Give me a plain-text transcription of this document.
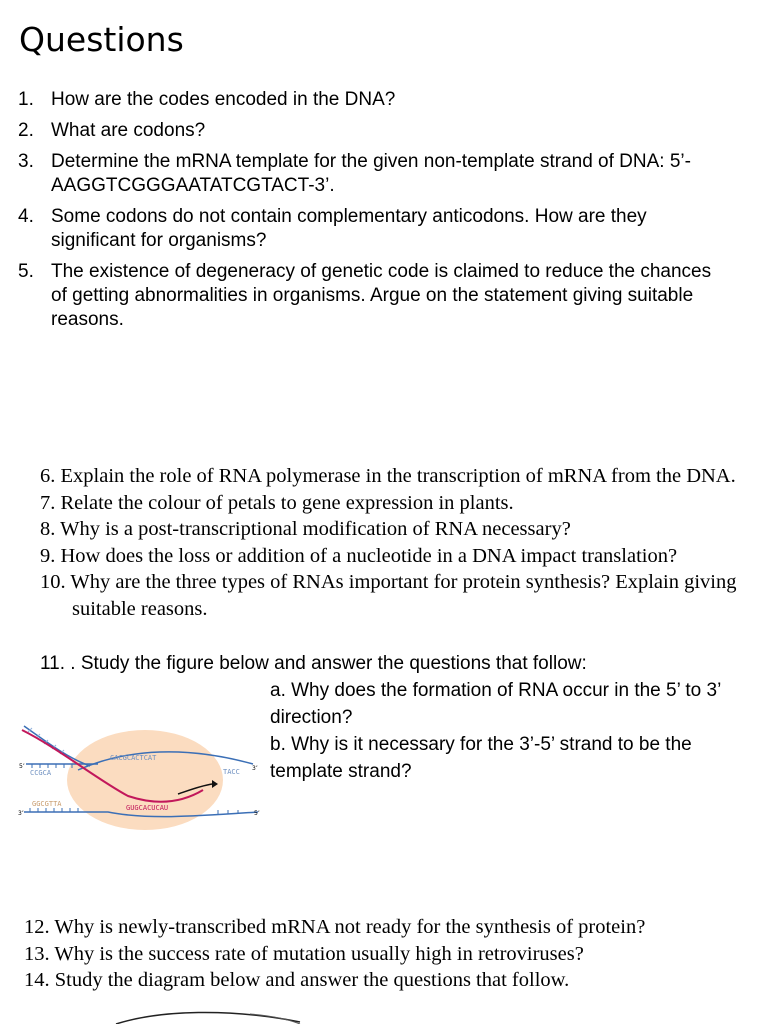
Questions
1. How are the codes encoded in the DNA?
2. What are codons?
3. Determine the mRNA template for the given non-template strand of DNA: 5’- AAGGTCGGGAATATCGTACT-3’.
4. Some codons do not contain complementary anticodons. How are they significant for organisms?
5. The existence of degeneracy of genetic code is claimed to reduce the chances of getting abnormalities in organisms. Argue on the statement giving suitable reasons.
6. Explain the role of RNA polymerase in the transcription of mRNA from the DNA.
7. Relate the colour of petals to gene expression in plants.
8. Why is a post-transcriptional modification of RNA necessary?
9. How does the loss or addition of a nucleotide in a DNA impact translation?
10. Why are the three types of RNAs important for protein synthesis? Explain giving suitable reasons.
11. . Study the figure below and answer the questions that follow:
a. Why does the formation of RNA occur in the 5’ to 3’ direction?
b. Why is it necessary for the 3’-5’ strand to be the template strand?
CCGCA
5’
CACGCACTCAT
TACC 3’
GUGCACUCAU
GGCGTTA
3’	5’
12. Why is newly-transcribed mRNA not ready for the synthesis of protein?
13. Why is the success rate of mutation usually high in retroviruses?
14. Study the diagram below and answer the questions that follow.
